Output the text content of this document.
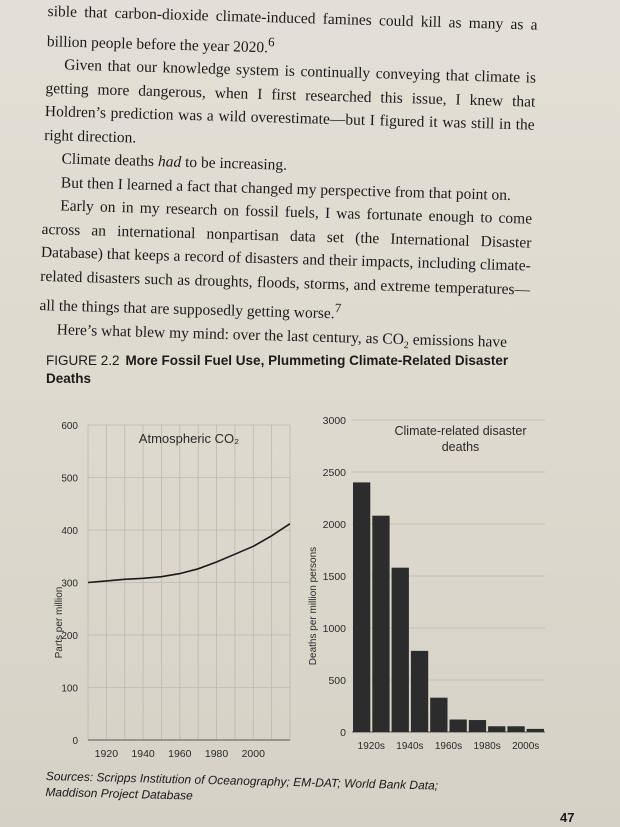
sible that carbon-dioxide climate-induced famines could kill as many as a billion people before the year 2020.$^6$

Given that our knowledge system is continually conveying that climate is getting more dangerous, when I first researched this issue, I knew that Holdren’s prediction was a wild overestimate—but I figured it was still in the right direction.

Climate deaths had to be increasing.

But then I learned a fact that changed my perspective from that point on.

Early on in my research on fossil fuels, I was fortunate enough to come across an international nonpartisan data set (the International Disaster Database) that keeps a record of disasters and their impacts, including climate-related disasters such as droughts, floods, storms, and extreme temperatures—all the things that are supposedly getting worse.$^7$

Here’s what blew my mind: over the last century, as $CO_2$ emissions have

FIGURE 2.2 More Fossil Fuel Use, Plummeting Climate-Related Disaster Deaths
0
100
200
300
400
500
600
1920 1940 1960 1980 2000
Atmospheric CO₂
Parts per million
0
500
1000
1500
2000
2500
3000
1920s 1940s 1960s 1980s 2000s
Climate-related disaster
deaths
Deaths per million persons
Sources: Scripps Institution of Oceanography; EM-DAT; World Bank Data; Maddison Project Database
47
